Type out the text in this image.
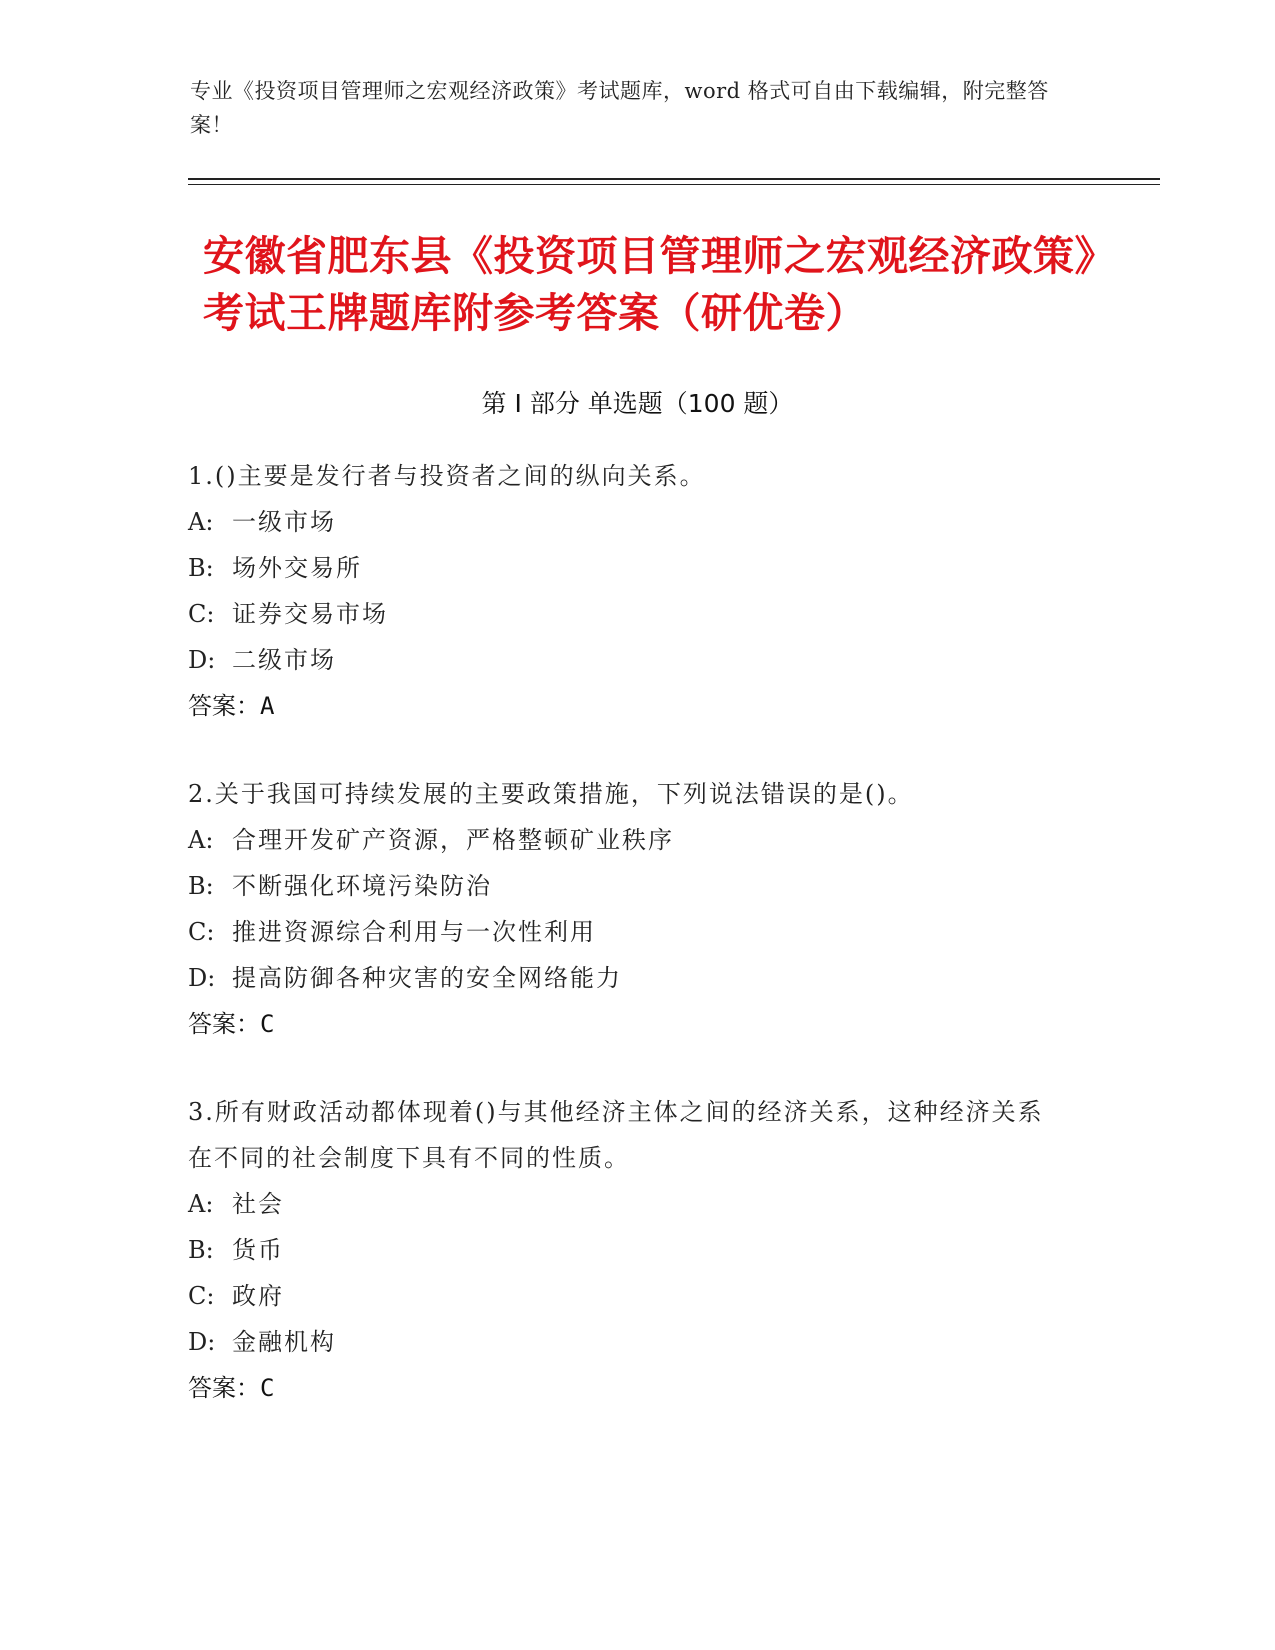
专业《投资项目管理师之宏观经济政策》考试题库，word 格式可自由下载编辑，附完整答案！
安徽省肥东县《投资项目管理师之宏观经济政策》考试王牌题库附参考答案（研优卷）
第 I 部分 单选题（100 题）
1.()主要是发行者与投资者之间的纵向关系。
A: 一级市场
B: 场外交易所
C: 证券交易市场
D: 二级市场
答案：A
2.关于我国可持续发展的主要政策措施，下列说法错误的是()。
A: 合理开发矿产资源，严格整顿矿业秩序
B: 不断强化环境污染防治
C: 推进资源综合利用与一次性利用
D: 提高防御各种灾害的安全网络能力
答案：C
3.所有财政活动都体现着()与其他经济主体之间的经济关系，这种经济关系在不同的社会制度下具有不同的性质。
A: 社会
B: 货币
C: 政府
D: 金融机构
答案：C
